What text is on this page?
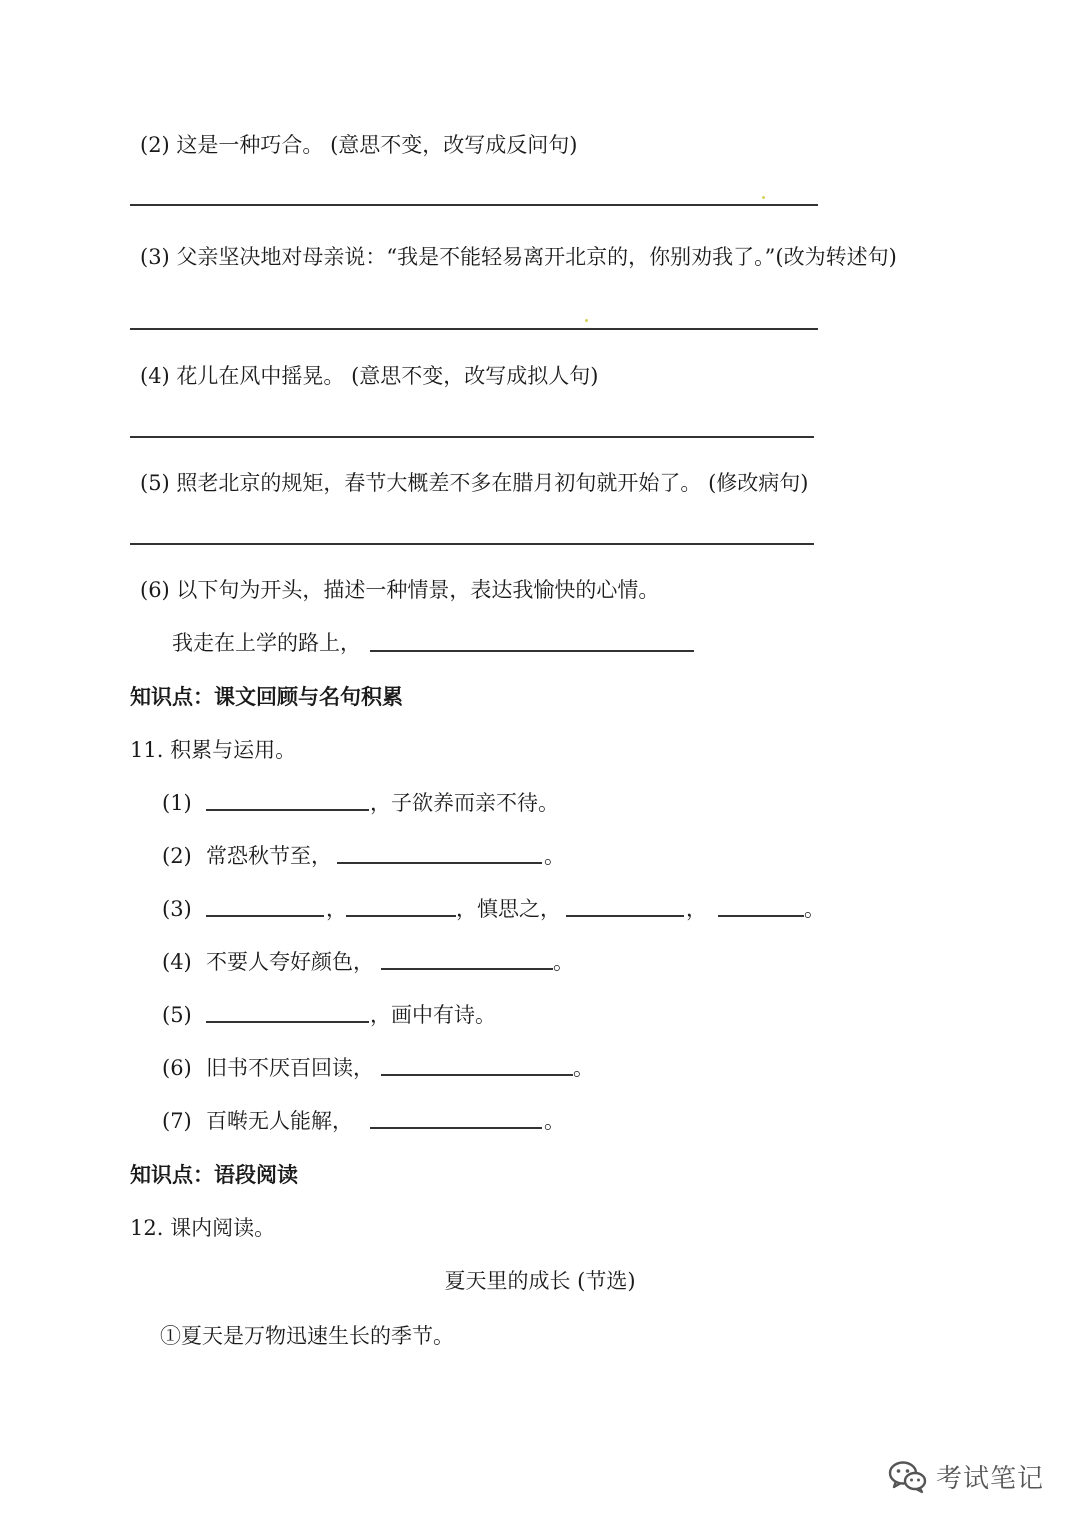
(2) 这是一种巧合。 (意思不变，改写成反问句)
(3) 父亲坚决地对母亲说：“我是不能轻易离开北京的，你别劝我了。”(改为转述句)
(4) 花儿在风中摇晃。 (意思不变，改写成拟人句)
(5) 照老北京的规矩，春节大概差不多在腊月初旬就开始了。 (修改病句)
(6) 以下句为开头，描述一种情景，表达我愉快的心情。
我走在上学的路上，
知识点：课文回顾与名句积累
11. 积累与运用。
(1)	，子欲养而亲不待。
(2) 常恐秋节至，	。
(3)	，	，慎思之，	，	。
(4) 不要人夸好颜色，	。
(5)	，画中有诗。
(6) 旧书不厌百回读，	。
(7) 百啭无人能解，	。
知识点：语段阅读
12. 课内阅读。
夏天里的成长 (节选)
①夏天是万物迅速生长的季节。
考试笔记
